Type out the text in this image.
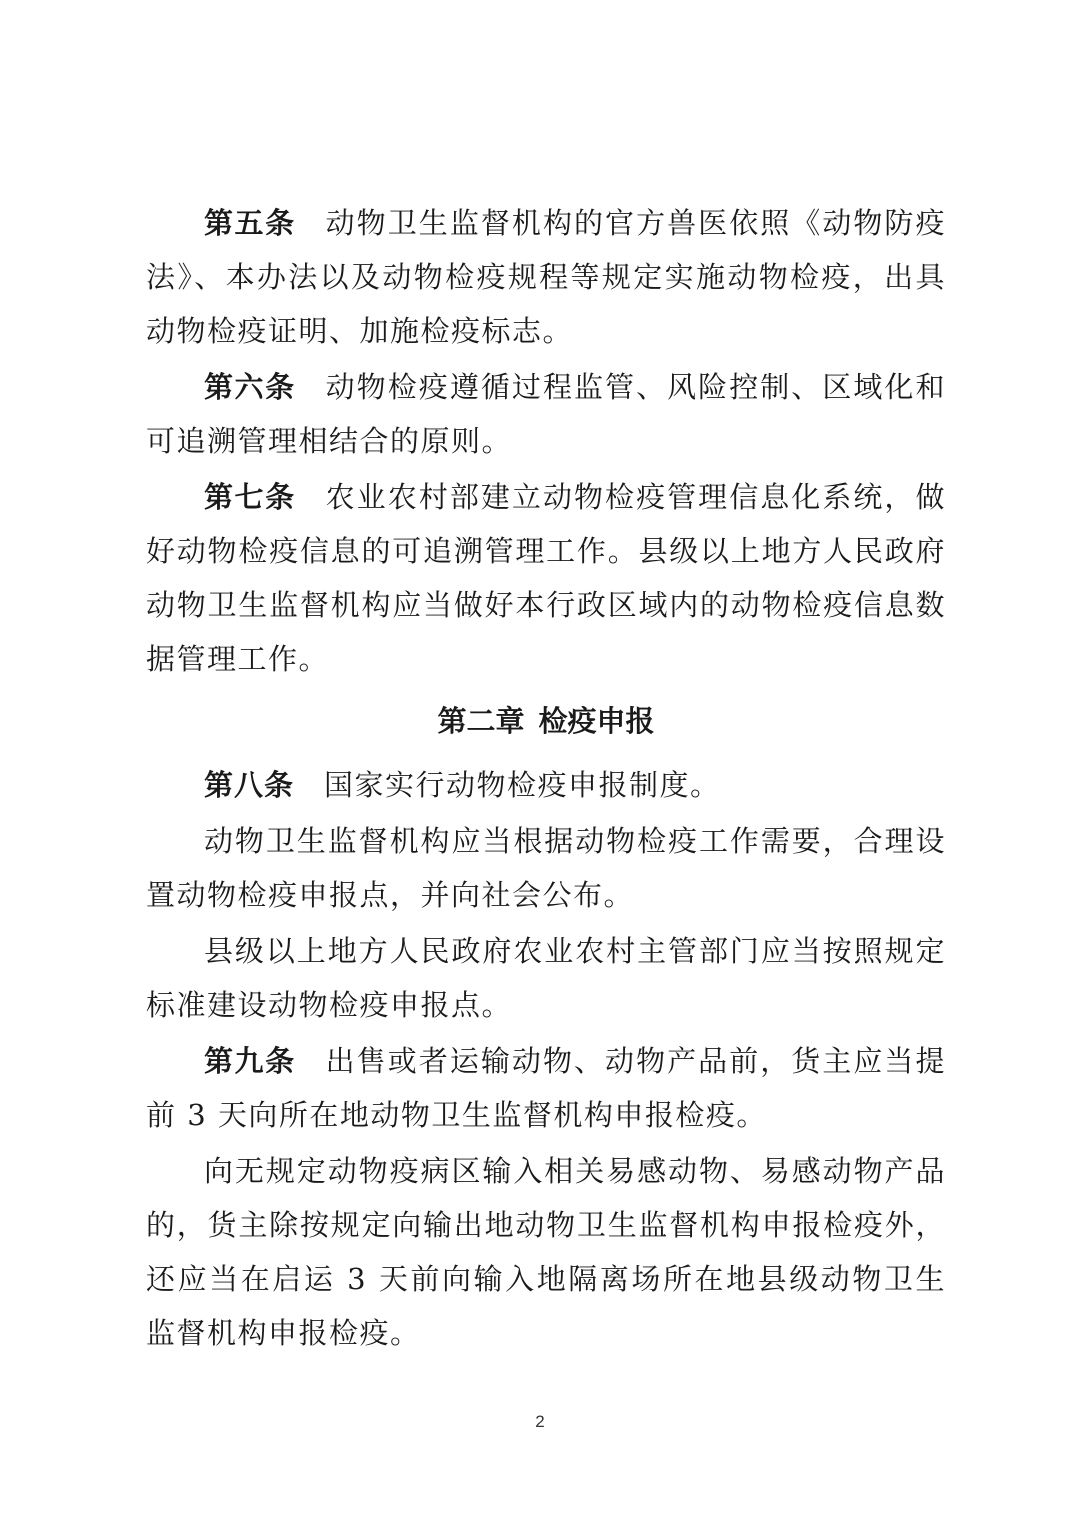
第五条 动物卫生监督机构的官方兽医依照《动物防疫法》、本办法以及动物检疫规程等规定实施动物检疫，出具动物检疫证明、加施检疫标志。

第六条 动物检疫遵循过程监管、风险控制、区域化和可追溯管理相结合的原则。

第七条 农业农村部建立动物检疫管理信息化系统，做好动物检疫信息的可追溯管理工作。县级以上地方人民政府动物卫生监督机构应当做好本行政区域内的动物检疫信息数据管理工作。

第二章 检疫申报

第八条 国家实行动物检疫申报制度。

动物卫生监督机构应当根据动物检疫工作需要，合理设置动物检疫申报点，并向社会公布。

县级以上地方人民政府农业农村主管部门应当按照规定标准建设动物检疫申报点。

第九条 出售或者运输动物、动物产品前，货主应当提前 3 天向所在地动物卫生监督机构申报检疫。

向无规定动物疫病区输入相关易感动物、易感动物产品的，货主除按规定向输出地动物卫生监督机构申报检疫外，还应当在启运 3 天前向输入地隔离场所在地县级动物卫生监督机构申报检疫。

2
